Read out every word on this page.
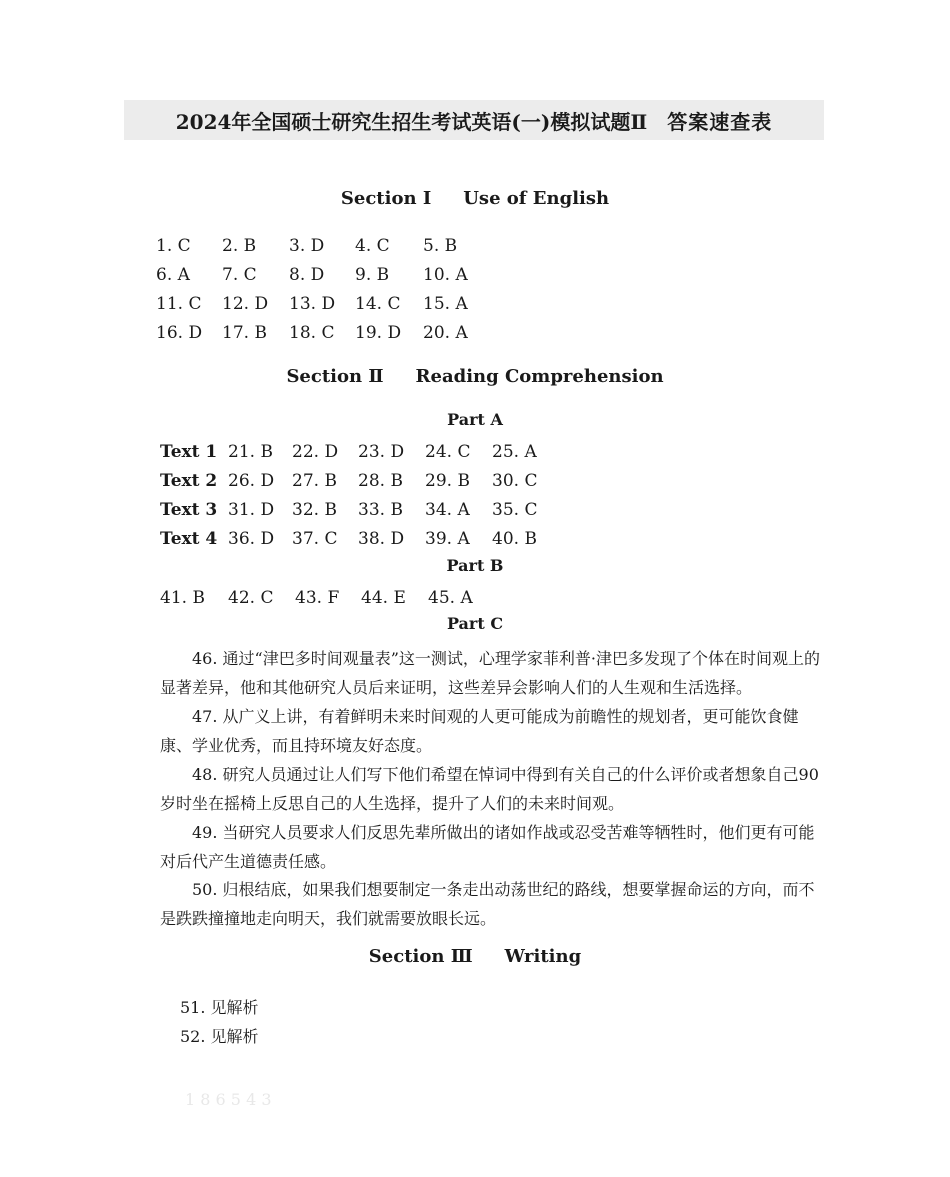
2024年全国硕士研究生招生考试英语(一)模拟试题Ⅱ 答案速查表
Section Ⅰ Use of English
1. C 2. B 3. D 4. C 5. B
6. A 7. C 8. D 9. B 10. A
11. C 12. D 13. D 14. C 15. A
16. D 17. B 18. C 19. D 20. A
Section Ⅱ Reading Comprehension
Part A
Text 1 21. B 22. D 23. D 24. C 25. A
Text 2 26. D 27. B 28. B 29. B 30. C
Text 3 31. D 32. B 33. B 34. A 35. C
Text 4 36. D 37. C 38. D 39. A 40. B
Part B
41. B 42. C 43. F 44. E 45. A
Part C
46. 通过“津巴多时间观量表”这一测试，心理学家菲利普·津巴多发现了个体在时间观上的显著差异，他和其他研究人员后来证明，这些差异会影响人们的人生观和生活选择。
47. 从广义上讲，有着鲜明未来时间观的人更可能成为前瞻性的规划者，更可能饮食健康、学业优秀，而且持环境友好态度。
48. 研究人员通过让人们写下他们希望在悼词中得到有关自己的什么评价或者想象自己90岁时坐在摇椅上反思自己的人生选择，提升了人们的未来时间观。
49. 当研究人员要求人们反思先辈所做出的诸如作战或忍受苦难等牺牲时，他们更有可能对后代产生道德责任感。
50. 归根结底，如果我们想要制定一条走出动荡世纪的路线，想要掌握命运的方向，而不是跌跌撞撞地走向明天，我们就需要放眼长远。
Section Ⅲ Writing
51. 见解析
52. 见解析
1 8 6 5 4 3
